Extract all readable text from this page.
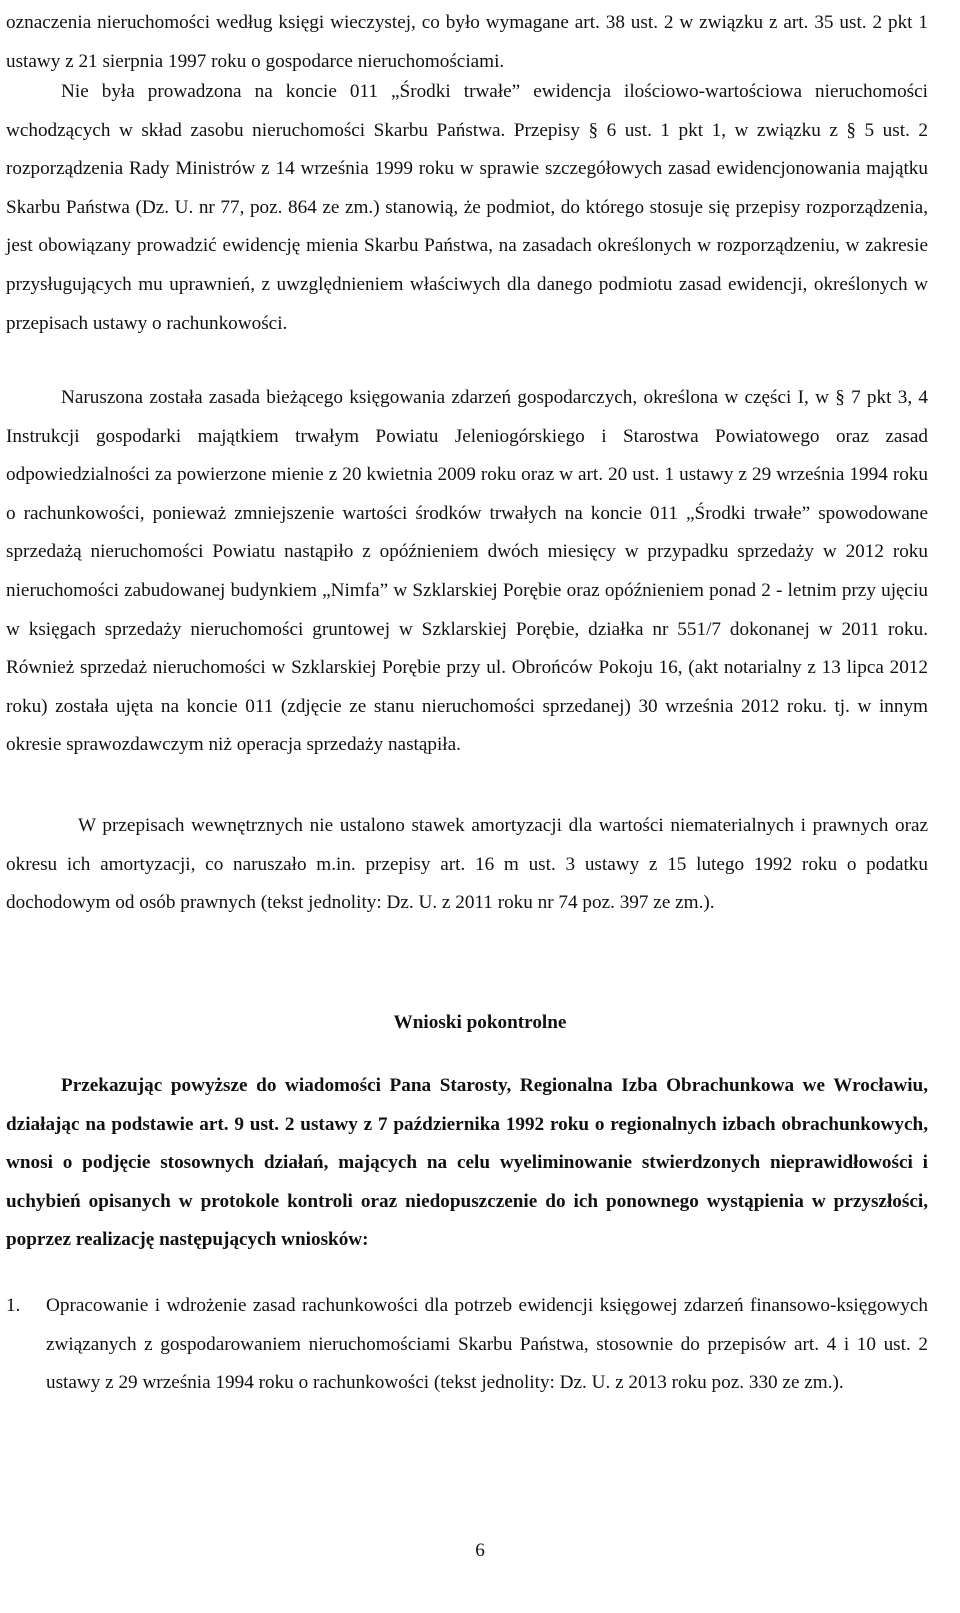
oznaczenia nieruchomości według księgi wieczystej, co było wymagane art. 38 ust. 2 w związku z art. 35 ust. 2 pkt 1 ustawy z 21 sierpnia 1997 roku o gospodarce nieruchomościami.

Nie była prowadzona na koncie 011 „Środki trwałe” ewidencja ilościowo-wartościowa nieruchomości wchodzących w skład zasobu nieruchomości Skarbu Państwa. Przepisy § 6 ust. 1 pkt 1, w związku z § 5 ust. 2 rozporządzenia Rady Ministrów z 14 września 1999 roku w sprawie szczegółowych zasad ewidencjonowania majątku Skarbu Państwa (Dz. U. nr 77, poz. 864 ze zm.) stanowią, że podmiot, do którego stosuje się przepisy rozporządzenia, jest obowiązany prowadzić ewidencję mienia Skarbu Państwa, na zasadach określonych w rozporządzeniu, w zakresie przysługujących mu uprawnień, z uwzględnieniem właściwych dla danego podmiotu zasad ewidencji, określonych w przepisach ustawy o rachunkowości.

Naruszona została zasada bieżącego księgowania zdarzeń gospodarczych, określona w części I, w § 7 pkt 3, 4 Instrukcji gospodarki majątkiem trwałym Powiatu Jeleniogórskiego i Starostwa Powiatowego oraz zasad odpowiedzialności za powierzone mienie z 20 kwietnia 2009 roku oraz w art. 20 ust. 1 ustawy z 29 września 1994 roku o rachunkowości, ponieważ zmniejszenie wartości środków trwałych na koncie 011 „Środki trwałe” spowodowane sprzedażą nieruchomości Powiatu nastąpiło z opóźnieniem dwóch miesięcy w przypadku sprzedaży w 2012 roku nieruchomości zabudowanej budynkiem „Nimfa” w Szklarskiej Porębie oraz opóźnieniem ponad 2 - letnim przy ujęciu w księgach sprzedaży nieruchomości gruntowej w Szklarskiej Porębie, działka nr 551/7 dokonanej w 2011 roku. Również sprzedaż nieruchomości w Szklarskiej Porębie przy ul. Obrońców Pokoju 16, (akt notarialny z 13 lipca 2012 roku) została ujęta na koncie 011 (zdjęcie ze stanu nieruchomości sprzedanej) 30 września 2012 roku. tj. w innym okresie sprawozdawczym niż operacja sprzedaży nastąpiła.

W przepisach wewnętrznych nie ustalono stawek amortyzacji dla wartości niematerialnych i prawnych oraz okresu ich amortyzacji, co naruszało m.in. przepisy art. 16 m ust. 3 ustawy z 15 lutego 1992 roku o podatku dochodowym od osób prawnych (tekst jednolity: Dz. U. z 2011 roku nr 74 poz. 397 ze zm.).

Wnioski pokontrolne

Przekazując powyższe do wiadomości Pana Starosty, Regionalna Izba Obrachunkowa we Wrocławiu, działając na podstawie art. 9 ust. 2 ustawy z 7 października 1992 roku o regionalnych izbach obrachunkowych, wnosi o podjęcie stosownych działań, mających na celu wyeliminowanie stwierdzonych nieprawidłowości i uchybień opisanych w protokole kontroli oraz niedopuszczenie do ich ponownego wystąpienia w przyszłości, poprzez realizację następujących wniosków:

1. Opracowanie i wdrożenie zasad rachunkowości dla potrzeb ewidencji księgowej zdarzeń finansowo-księgowych związanych z gospodarowaniem nieruchomościami Skarbu Państwa, stosownie do przepisów art. 4 i 10 ust. 2 ustawy z 29 września 1994 roku o rachunkowości (tekst jednolity: Dz. U. z 2013 roku poz. 330 ze zm.).
6
